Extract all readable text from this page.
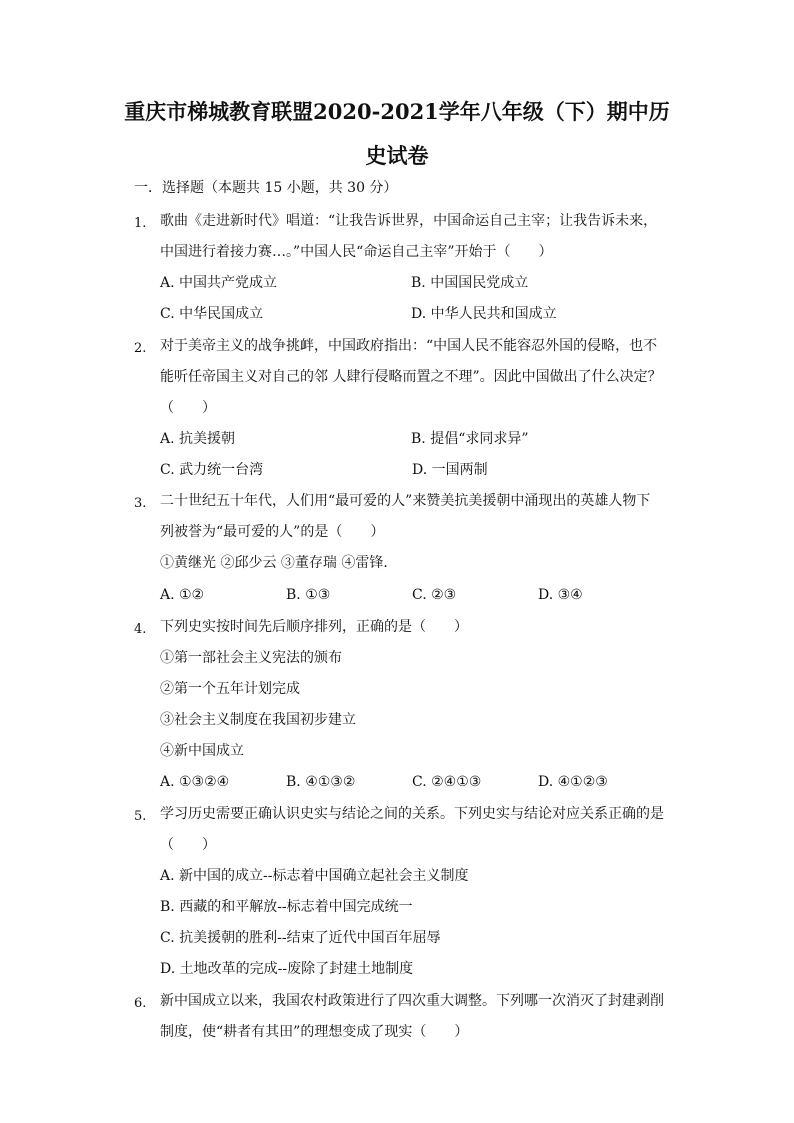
重庆市梯城教育联盟2020-2021学年八年级（下）期中历
史试卷
一．选择题（本题共 15 小题，共 30 分）
1. 歌曲《走进新时代》唱道：“让我告诉世界，中国命运自己主宰；让我告诉未来，
中国进行着接力赛…。”中国人民“命运自己主宰”开始于（　　）
A. 中国共产党成立	B. 中国国民党成立
C. 中华民国成立	D. 中华人民共和国成立
2. 对于美帝主义的战争挑衅，中国政府指出：“中国人民不能容忍外国的侵略，也不
能听任帝国主义对自己的邻 人肆行侵略而置之不理”。因此中国做出了什么决定？
（　　）
A. 抗美援朝	B. 提倡“求同求异”
C. 武力统一台湾	D. 一国两制
3. 二十世纪五十年代，人们用“最可爱的人”来赞美抗美援朝中涌现出的英雄人物下
列被誉为“最可爱的人”的是（　　）
①黄继光 ②邱少云 ③董存瑞 ④雷锋．
A. ①②	B. ①③	C. ②③	D. ③④
4. 下列史实按时间先后顺序排列，正确的是（　　）
①第一部社会主义宪法的颁布
②第一个五年计划完成
③社会主义制度在我国初步建立
④新中国成立
A. ①③②④	B. ④①③②	C. ②④①③	D. ④①②③
5. 学习历史需要正确认识史实与结论之间的关系。下列史实与结论对应关系正确的是
（　　）
A. 新中国的成立--标志着中国确立起社会主义制度
B. 西藏的和平解放--标志着中国完成统一
C. 抗美援朝的胜利--结束了近代中国百年屈辱
D. 土地改革的完成--废除了封建土地制度
6. 新中国成立以来，我国农村政策进行了四次重大调整。下列哪一次消灭了封建剥削
制度，使“耕者有其田”的理想变成了现实（　　）
